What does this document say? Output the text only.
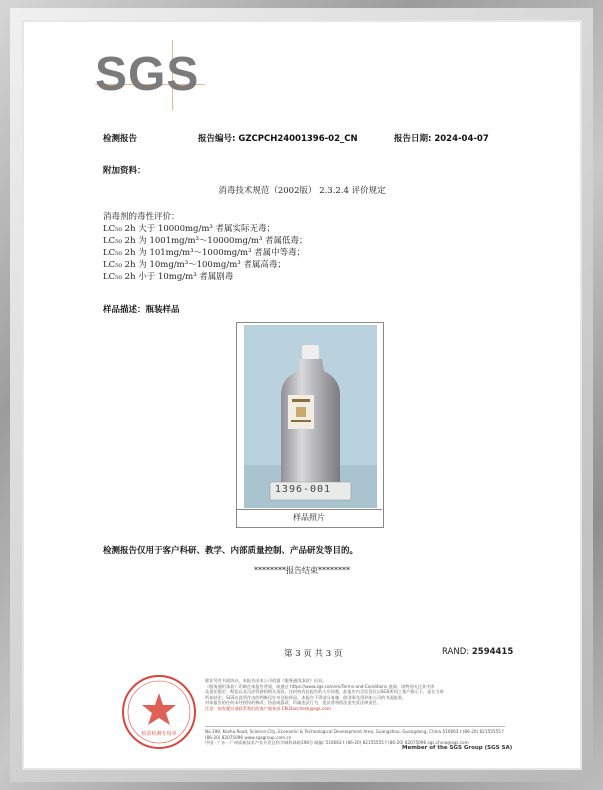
SGS
检测报告	报告编号: GZCPCH24001396-02_CN	报告日期: 2024-04-07
附加资料：
消毒技术规范（2002版） 2.3.2.4 评价规定
消毒剂的毒性评价：
LC₅₀ 2h 大于 10000mg/m³ 者属实际无毒；
LC₅₀ 2h 为 1001mg/m³～10000mg/m³ 者属低毒；
LC₅₀ 2h 为 101mg/m³～1000mg/m³ 者属中等毒；
LC₅₀ 2h 为 10mg/m³～100mg/m³ 者属高毒；
LC₅₀ 2h 小于 10mg/m³ 者属剧毒
样品描述：瓶装样品
1396-001
样品照片
检测报告仅用于客户科研、教学、内部质量控制、产品研发等目的。
********报告结束********
第 3 页 共 3 页	RAND: 2594415
检验检测专用章
除非另有书面协议，本报告由本公司依据《服务通用条款》出具。
《服务通用条款》印刷在本报告背面，或通过 https://www.sgs.com/en/Terms-and-Conditions 查阅，请特别关注其中涉
及责任限定、赔偿以及司法管辖的相关条款。任何持有此报告的人应知悉，此报告内含信息仅以SGS所知之客户指示下，是在当时
所获结论，SGS在此所作出的判断仅针对送检样品。本报告不得部分复制，除非事先得到本公司的书面批准。
对本报告的任何未经授权的修改、伪造或篡改，均属违法行为，违法者将依法追究其法律责任。
注意：如有疑问请联系我们的客户服务部 CN.Doccheck@sgs.com
No.198, Kezhu Road, Science City, Economic & Technological Development Area, Guangzhou, Guangdong, China 510663 t (86-20) 82155555 f (86-20) 82075096 www.sgsgroup.com.cn
中国 · 广东 · 广州高新技术产业开发区科学城科珠路198号 邮编: 510663 t (86-20) 82155555 f (86-20) 82075096 sgs.china@sgs.com
Member of the SGS Group (SGS SA)
